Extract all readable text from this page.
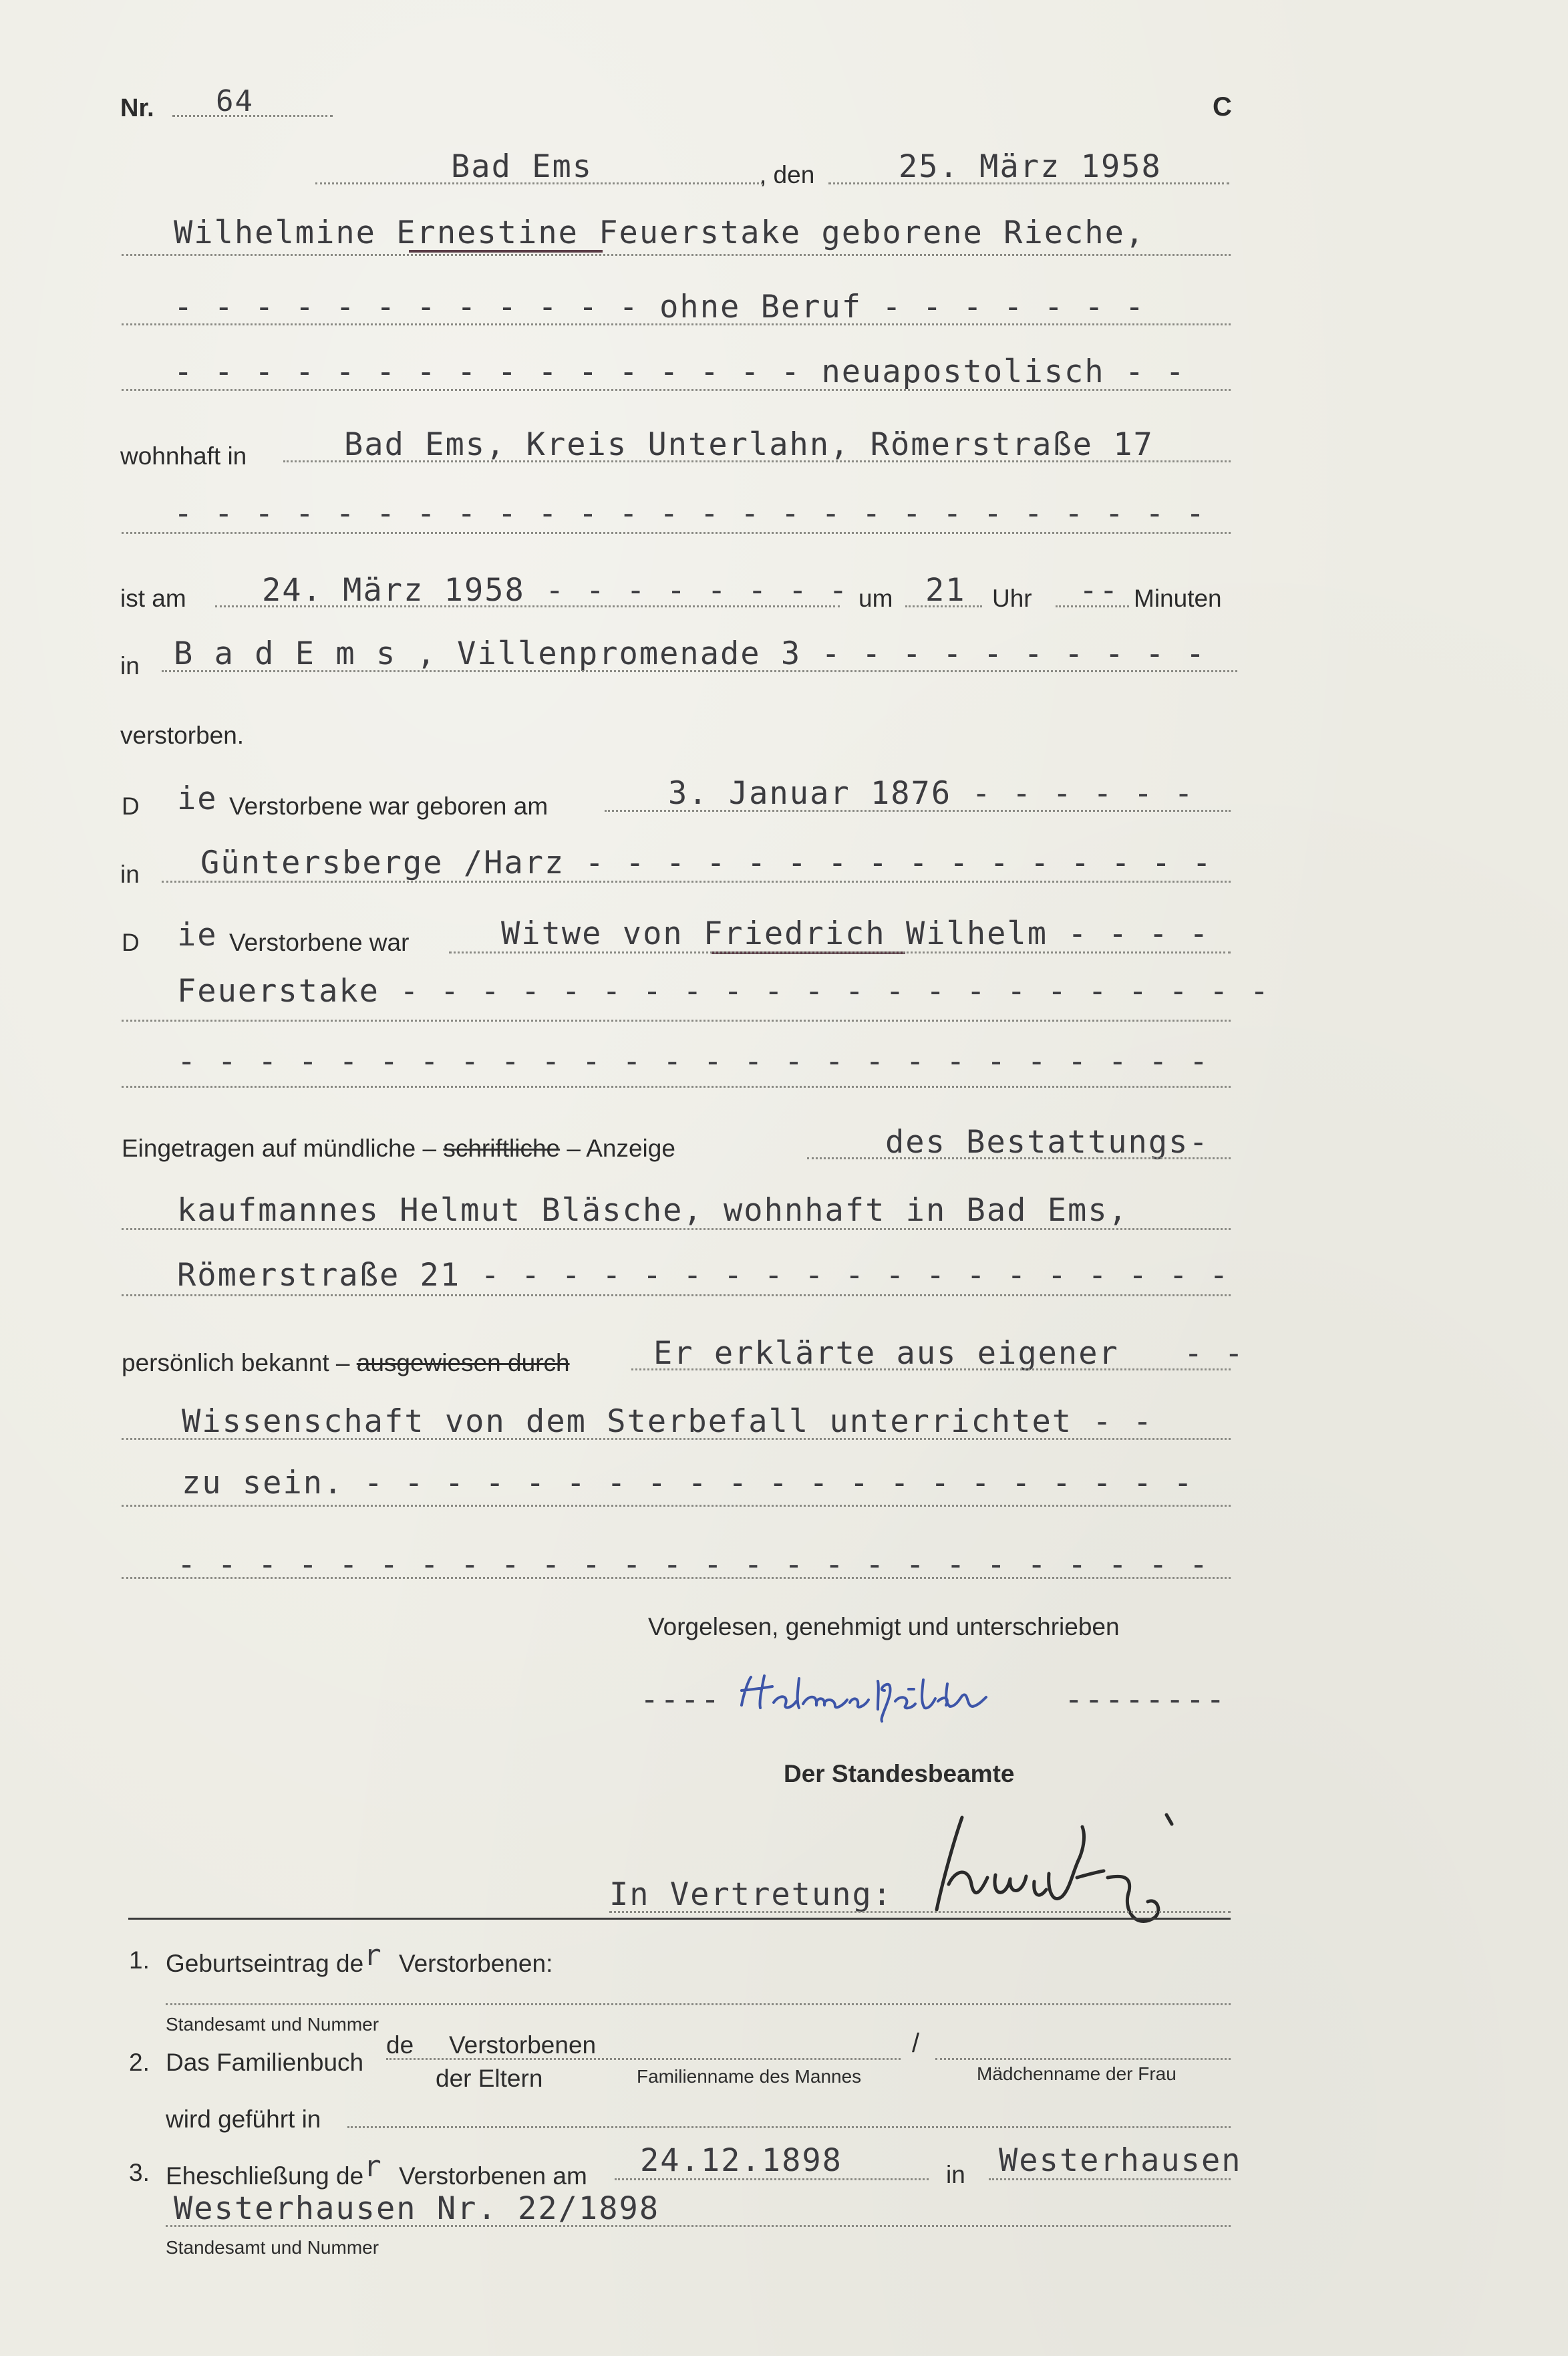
Nr. 64	C
Bad Ems	, den	25. März 1958
Wilhelmine Ernestine Feuerstake geborene Rieche,
- - - - - - - - - - - - ohne Beruf - - - - - - -
- - - - - - - - - - - - - - - - neuapostolisch - -
wohnhaft in	Bad Ems, Kreis Unterlahn, Römerstraße 17
- - - - - - - - - - - - - - - - - - - - - - - - - -
ist am 24. März 1958 - - - - - - - - um 21 Uhr -- Minuten
in B a d E m s , Villenpromenade 3 - - - - - - - - - -
verstorben.
D ie Verstorbene war geboren am	3. Januar 1876 - - - - - -
in Güntersberge /Harz - - - - - - - - - - - - - - - -
D ie Verstorbene war	Witwe von Friedrich Wilhelm - - - -
Feuerstake - - - - - - - - - - - - - - - - - - - - - -
- - - - - - - - - - - - - - - - - - - - - - - - - -
Eingetragen auf mündliche – schriftliche – Anzeige	des Bestattungs-
kaufmannes Helmut Bläsche, wohnhaft in Bad Ems,
Römerstraße 21 - - - - - - - - - - - - - - - - - - -
persönlich bekannt – ausgewiesen durch	Er erklärte aus eigener - -
Wissenschaft von dem Sterbefall unterrichtet - -
zu sein. - - - - - - - - - - - - - - - - - - - - -
- - - - - - - - - - - - - - - - - - - - - - - - - -
Vorgelesen, genehmigt und unterschrieben
----	--------
Der Standesbeamte
In Vertretung:
1. Geburtseintrag der Verstorbenen:
Standesamt und Nummer
2. Das Familienbuch
de Verstorbenen	/
der Eltern	Familienname des Mannes	Mädchenname der Frau
wird geführt in
3. Eheschließung der Verstorbenen am 24.12.1898	in Westerhausen
Westerhausen Nr. 22/1898
Standesamt und Nummer
